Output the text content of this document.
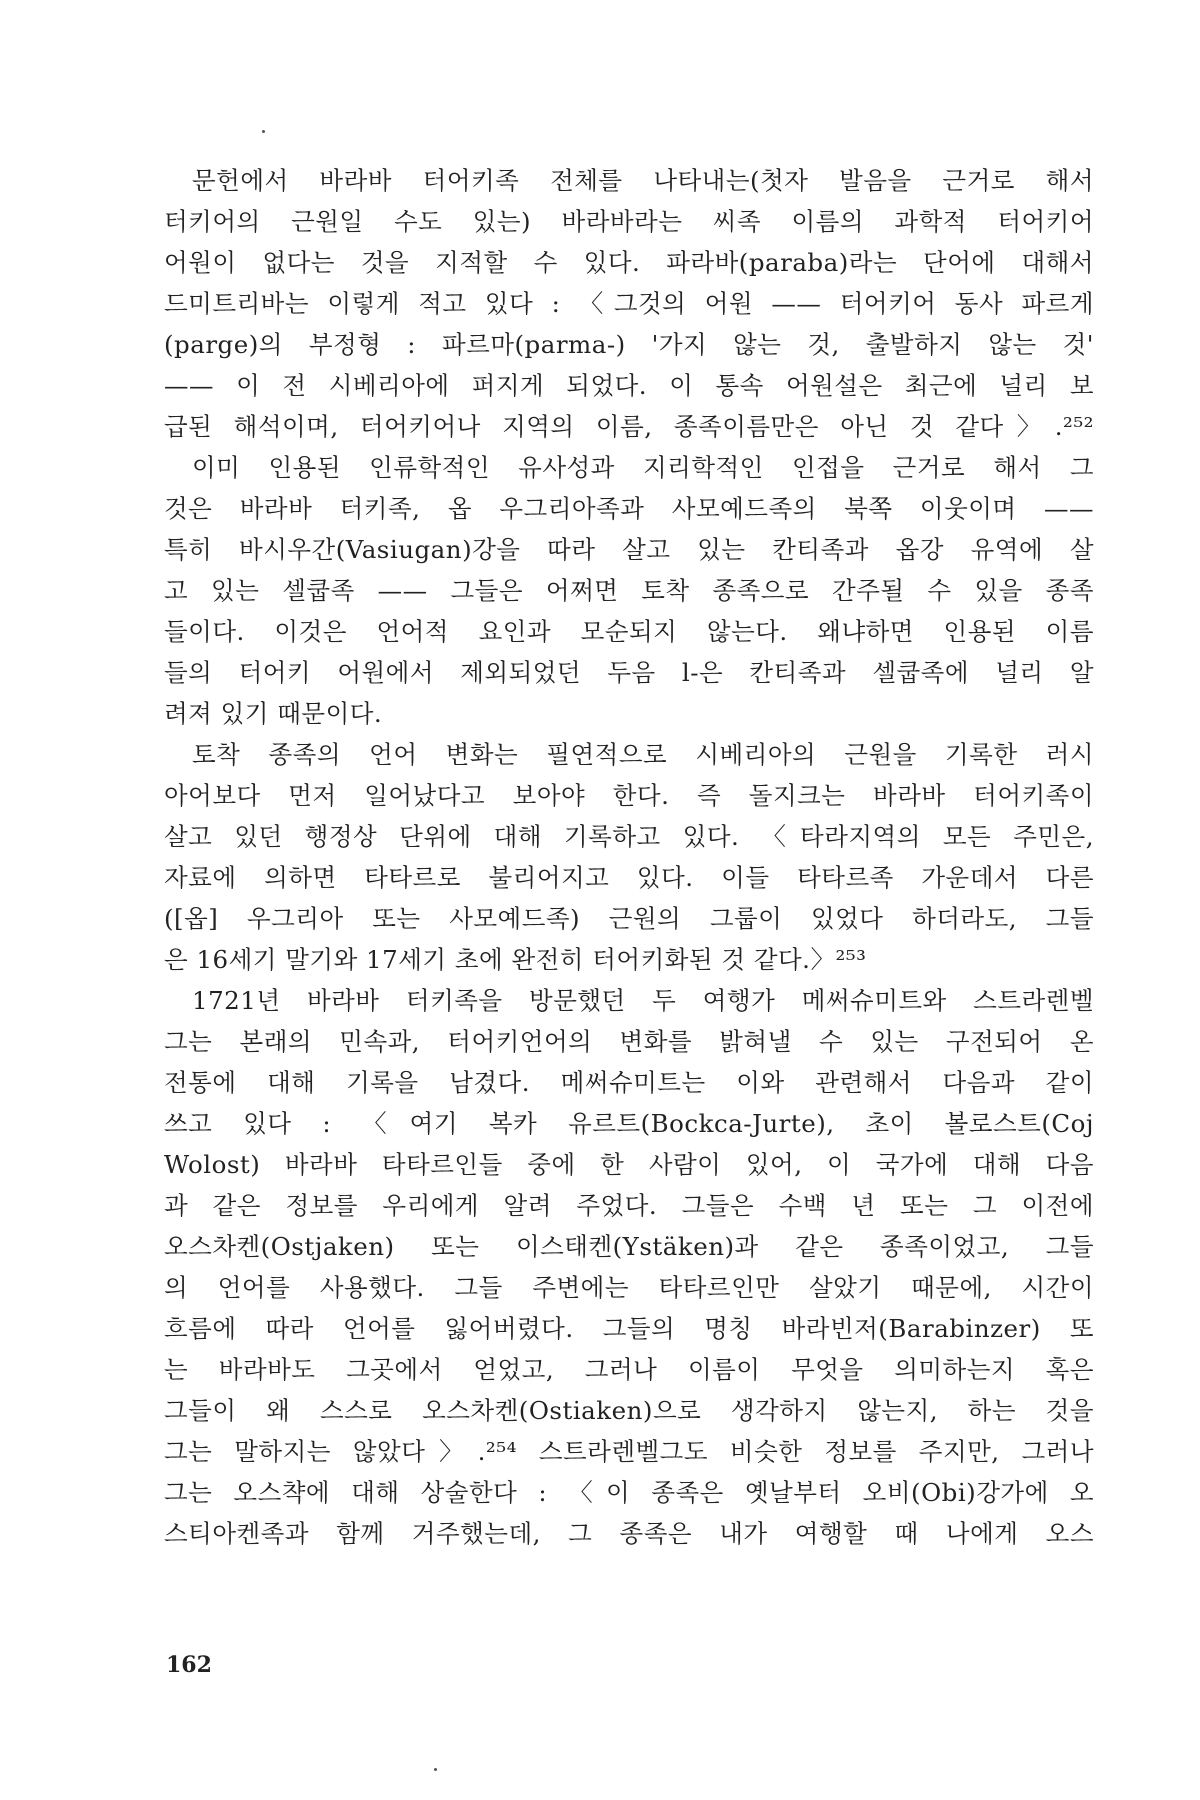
문헌에서 바라바 터어키족 전체를 나타내는(첫자 발음을 근거로 해서
터키어의 근원일 수도 있는) 바라바라는 씨족 이름의 과학적 터어키어
어원이 없다는 것을 지적할 수 있다. 파라바(paraba)라는 단어에 대해서
드미트리바는 이렇게 적고 있다 : 〈그것의 어원 —— 터어키어 동사 파르게
(parge)의 부정형 : 파르마(parma-) '가지 않는 것, 출발하지 않는 것'
—— 이 전 시베리아에 퍼지게 되었다. 이 통속 어원설은 최근에 널리 보
급된 해석이며, 터어키어나 지역의 이름, 종족이름만은 아닌 것 같다〉.²⁵²
이미 인용된 인류학적인 유사성과 지리학적인 인접을 근거로 해서 그
것은 바라바 터키족, 옵 우그리아족과 사모예드족의 북쪽 이웃이며 ——
특히 바시우간(Vasiugan)강을 따라 살고 있는 칸티족과 옵강 유역에 살
고 있는 셀쿱족 —— 그들은 어쩌면 토착 종족으로 간주될 수 있을 종족
들이다. 이것은 언어적 요인과 모순되지 않는다. 왜냐하면 인용된 이름
들의 터어키 어원에서 제외되었던 두음 l-은 칸티족과 셀쿱족에 널리 알
려져 있기 때문이다.
토착 종족의 언어 변화는 필연적으로 시베리아의 근원을 기록한 러시
아어보다 먼저 일어났다고 보아야 한다. 즉 돌지크는 바라바 터어키족이
살고 있던 행정상 단위에 대해 기록하고 있다. 〈타라지역의 모든 주민은,
자료에 의하면 타타르로 불리어지고 있다. 이들 타타르족 가운데서 다른
([옵] 우그리아 또는 사모예드족) 근원의 그룹이 있었다 하더라도, 그들
은 16세기 말기와 17세기 초에 완전히 터어키화된 것 같다.〉²⁵³
1721년 바라바 터키족을 방문했던 두 여행가 메써슈미트와 스트라렌벨
그는 본래의 민속과, 터어키언어의 변화를 밝혀낼 수 있는 구전되어 온
전통에 대해 기록을 남겼다. 메써슈미트는 이와 관련해서 다음과 같이
쓰고 있다 : 〈여기 복카 유르트(Bockca-Jurte), 초이 볼로스트(Coj
Wolost) 바라바 타타르인들 중에 한 사람이 있어, 이 국가에 대해 다음
과 같은 정보를 우리에게 알려 주었다. 그들은 수백 년 또는 그 이전에
오스차켄(Ostjaken) 또는 이스태켄(Ystäken)과 같은 종족이었고, 그들
의 언어를 사용했다. 그들 주변에는 타타르인만 살았기 때문에, 시간이
흐름에 따라 언어를 잃어버렸다. 그들의 명칭 바라빈저(Barabinzer) 또
는 바라바도 그곳에서 얻었고, 그러나 이름이 무엇을 의미하는지 혹은
그들이 왜 스스로 오스차켄(Ostiaken)으로 생각하지 않는지, 하는 것을
그는 말하지는 않았다〉.²⁵⁴ 스트라렌벨그도 비슷한 정보를 주지만, 그러나
그는 오스챡에 대해 상술한다 : 〈이 종족은 옛날부터 오비(Obi)강가에 오
스티아켄족과 함께 거주했는데, 그 종족은 내가 여행할 때 나에게 오스
162
